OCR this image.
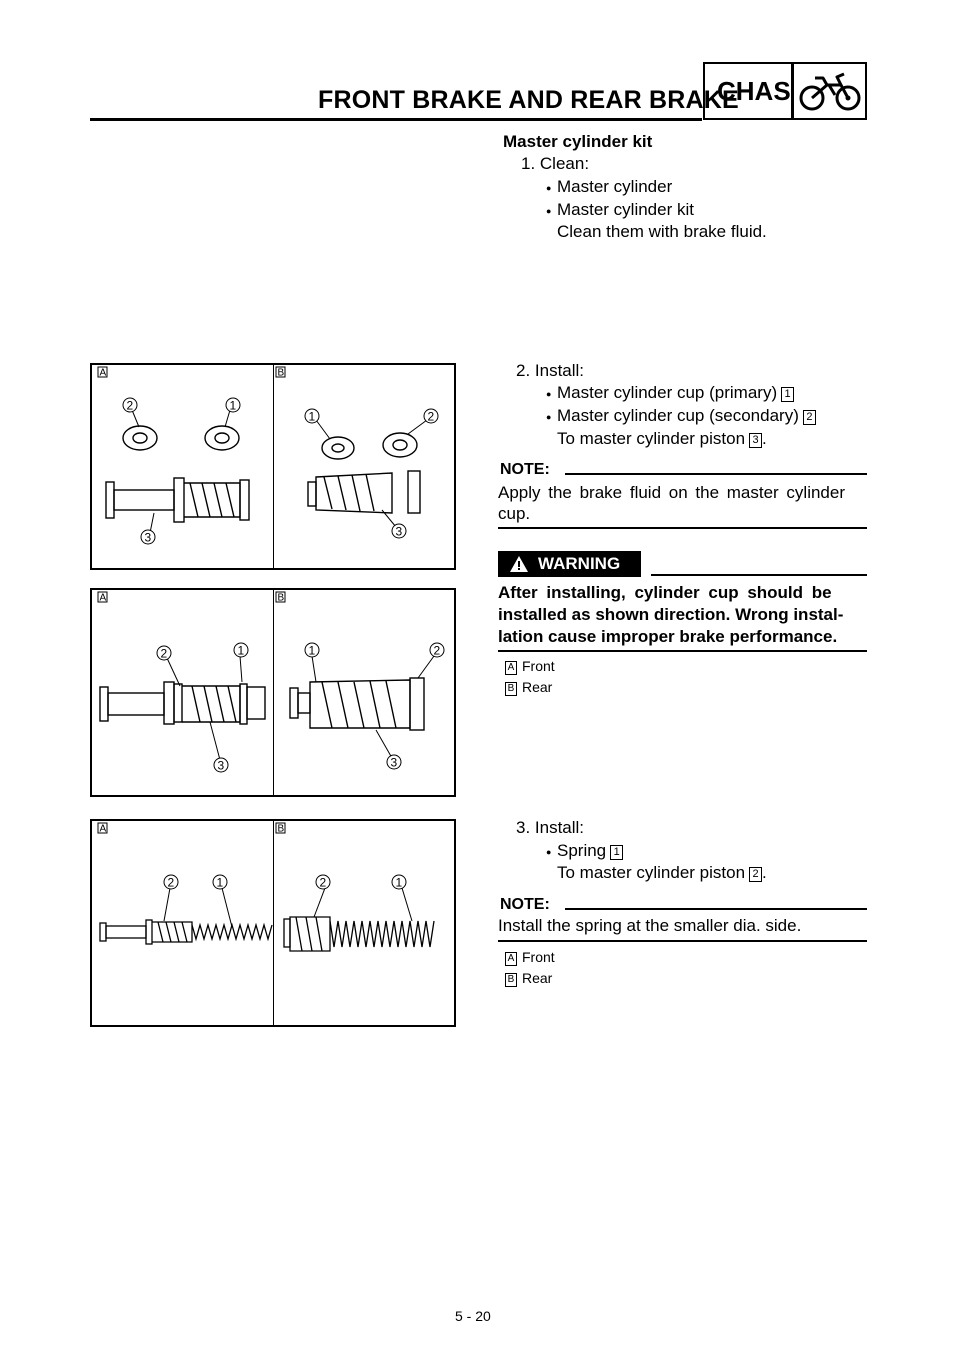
FRONT BRAKE AND REAR BRAKE
CHAS
Master cylinder kit
1. Clean:
● Master cylinder
● Master cylinder kit
Clean them with brake fluid.
2. Install:
● Master cylinder cup (primary) 1
● Master cylinder cup (secondary) 2
To master cylinder piston 3 .
NOTE:
Apply the brake fluid on the master cylinder
cup.
WARNING
After installing, cylinder cup should be
installed as shown direction. Wrong instal-
lation cause improper brake performance.
A Front
B Rear
3. Install:
● Spring 1
To master cylinder piston 2 .
NOTE:
Install the spring at the smaller dia. side.
A Front
B Rear
A	B
2	1
1	2
3	3
A	B
2	1	1	2
3	3
A	B
2	1	2	1
5 - 20
